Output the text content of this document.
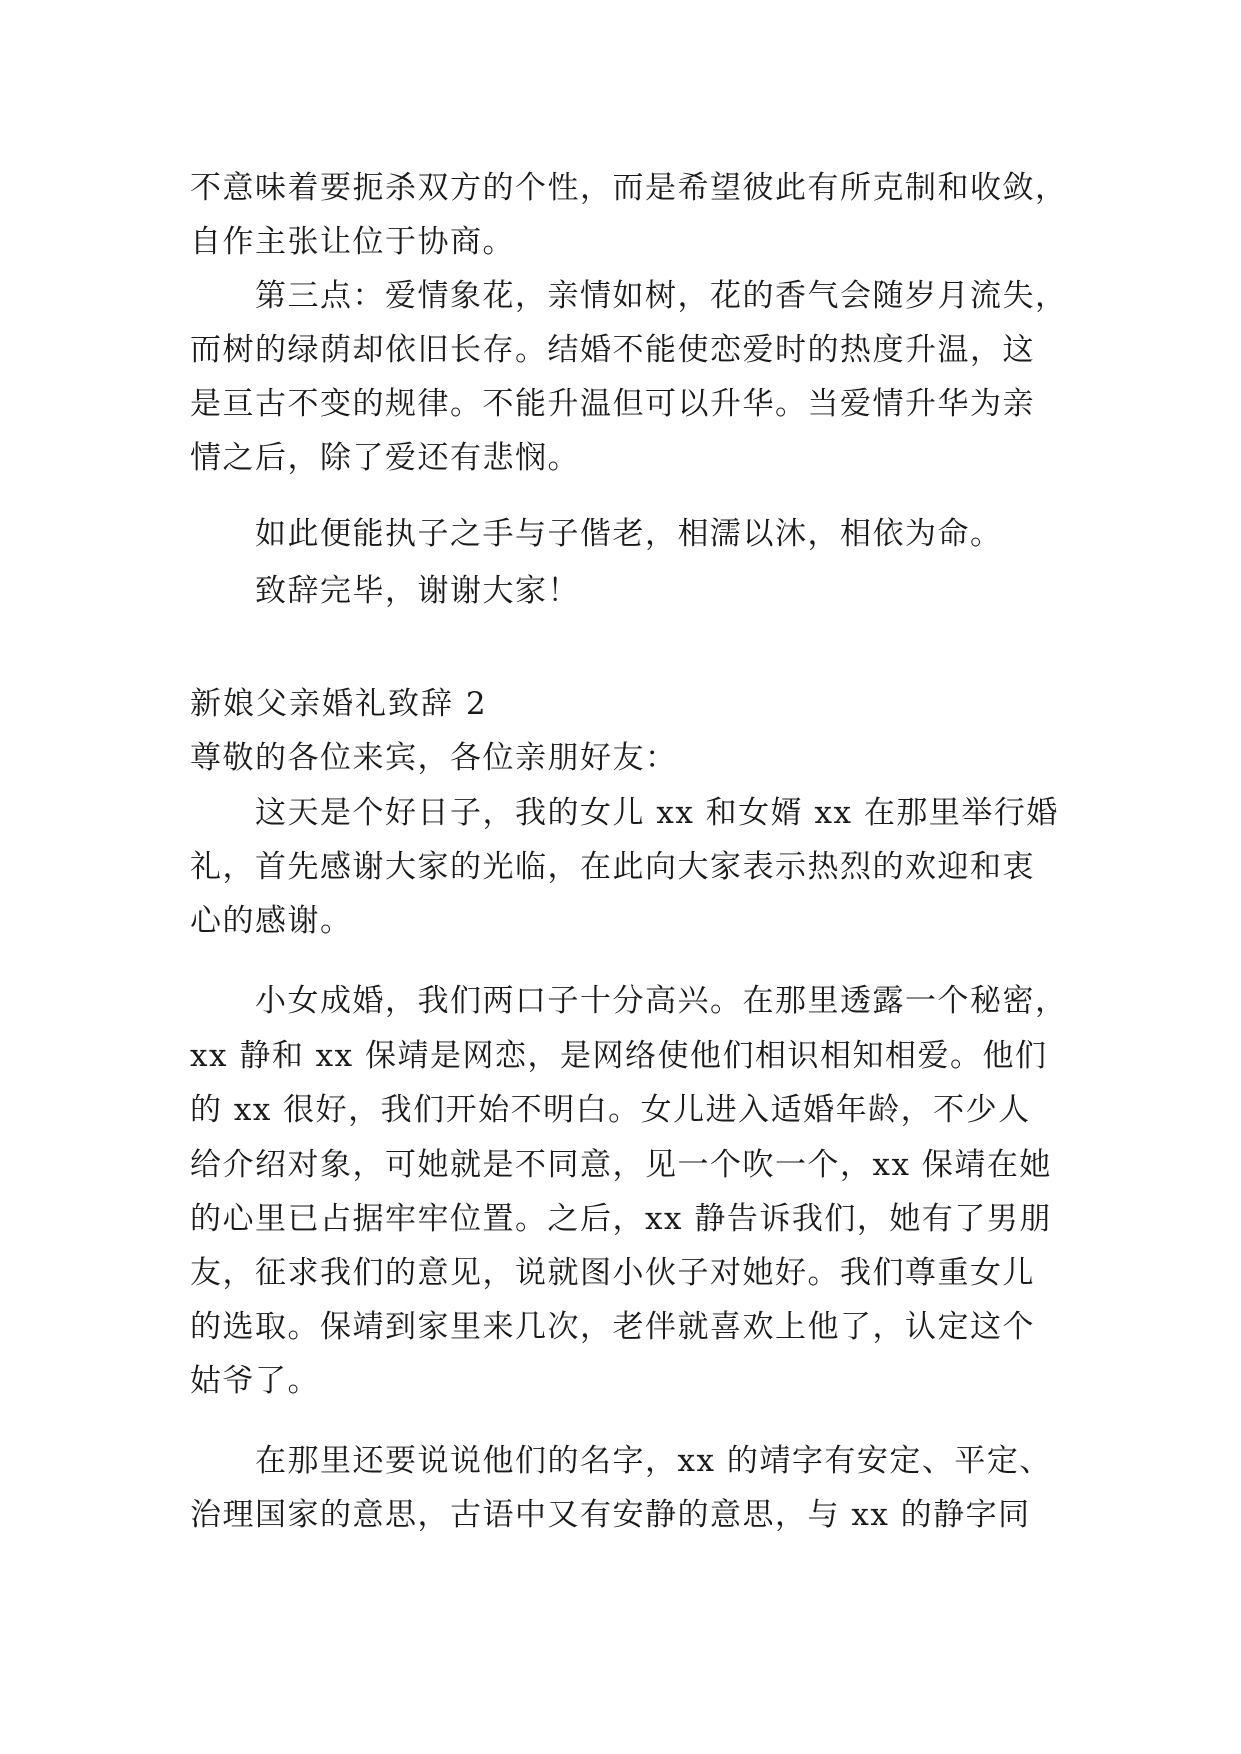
不意味着要扼杀双方的个性，而是希望彼此有所克制和收敛，
自作主张让位于协商。
第三点：爱情象花，亲情如树，花的香气会随岁月流失，
而树的绿荫却依旧长存。结婚不能使恋爱时的热度升温，这
是亘古不变的规律。不能升温但可以升华。当爱情升华为亲
情之后，除了爱还有悲悯。
如此便能执子之手与子偕老，相濡以沐，相依为命。
致辞完毕，谢谢大家！
新娘父亲婚礼致辞 2
尊敬的各位来宾，各位亲朋好友：
这天是个好日子，我的女儿 xx 和女婿 xx 在那里举行婚
礼，首先感谢大家的光临，在此向大家表示热烈的欢迎和衷
心的感谢。
小女成婚，我们两口子十分高兴。在那里透露一个秘密，
xx 静和 xx 保靖是网恋，是网络使他们相识相知相爱。他们
的 xx 很好，我们开始不明白。女儿进入适婚年龄，不少人
给介绍对象，可她就是不同意，见一个吹一个，xx 保靖在她
的心里已占据牢牢位置。之后，xx 静告诉我们，她有了男朋
友，征求我们的意见，说就图小伙子对她好。我们尊重女儿
的选取。保靖到家里来几次，老伴就喜欢上他了，认定这个
姑爷了。
在那里还要说说他们的名字，xx 的靖字有安定、平定、
治理国家的意思，古语中又有安静的意思，与 xx 的静字同
